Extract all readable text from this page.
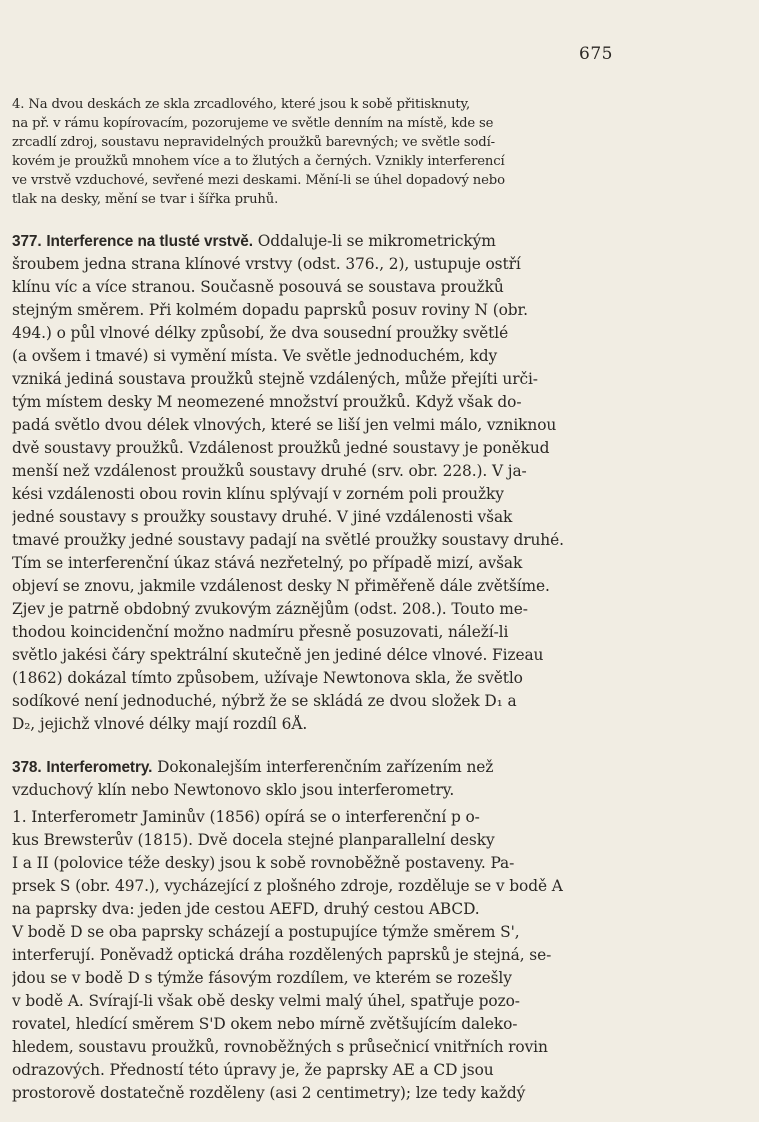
675
4. Na dvou deskách ze skla zrcadlového, které jsou k sobě přitisknuty,
na př. v rámu kopírovacím, pozorujeme ve světle denním na místě, kde se
zrcadlí zdroj, soustavu nepravidelných proužků barevných; ve světle sodí-
kovém je proužků mnohem více a to žlutých a černých. Vznikly interferencí
ve vrstvě vzduchové, sevřené mezi deskami. Mění-li se úhel dopadový nebo
tlak na desky, mění se tvar i šířka pruhů.
377. Interference na tlusté vrstvě. Oddaluje-li se mikrometrickým
šroubem jedna strana klínové vrstvy (odst. 376., 2), ustupuje ostří
klínu víc a více stranou. Současně posouvá se soustava proužků
stejným směrem. Při kolmém dopadu paprsků posuv roviny N (obr.
494.) o půl vlnové délky způsobí, že dva sousední proužky světlé
(a ovšem i tmavé) si vymění místa. Ve světle jednoduchém, kdy
vzniká jediná soustava proužků stejně vzdálených, může přejíti urči-
tým místem desky M neomezené množství proužků. Když však do-
padá světlo dvou délek vlnových, které se liší jen velmi málo, vzniknou
dvě soustavy proužků. Vzdálenost proužků jedné soustavy je poněkud
menší než vzdálenost proužků soustavy druhé (srv. obr. 228.). V ja-
kési vzdálenosti obou rovin klínu splývají v zorném poli proužky
jedné soustavy s proužky soustavy druhé. V jiné vzdálenosti však
tmavé proužky jedné soustavy padají na světlé proužky soustavy druhé.
Tím se interferenční úkaz stává nezřetelný, po případě mizí, avšak
objeví se znovu, jakmile vzdálenost desky N přiměřeně dále zvětšíme.
Zjev je patrně obdobný zvukovým záznějům (odst. 208.). Touto me-
thodou koincidenční možno nadmíru přesně posuzovati, náleží-li
světlo jakési čáry spektrální skutečně jen jediné délce vlnové. Fizeau
(1862) dokázal tímto způsobem, užívaje Newtonova skla, že světlo
sodíkové není jednoduché, nýbrž že se skládá ze dvou složek D₁ a
D₂, jejichž vlnové délky mají rozdíl 6Å.
378. Interferometry. Dokonalejším interferenčním zařízením než
vzduchový klín nebo Newtonovo sklo jsou interferometry.
1. Interferometr Jaminův (1856) opírá se o interferenční p o-
kus Brewsterův (1815). Dvě docela stejné planparallelní desky
I a II (polovice téže desky) jsou k sobě rovnoběžně postaveny. Pa-
prsek S (obr. 497.), vycházející z plošného zdroje, rozděluje se v bodě A
na paprsky dva: jeden jde cestou AEFD, druhý cestou ABCD.
V bodě D se oba paprsky scházejí a postupujíce týmže směrem S',
interferují. Poněvadž optická dráha rozdělených paprsků je stejná, se-
jdou se v bodě D s týmže fásovým rozdílem, ve kterém se rozešly
v bodě A. Svírají-li však obě desky velmi malý úhel, spatřuje pozo-
rovatel, hledící směrem S'D okem nebo mírně zvětšujícím daleko-
hledem, soustavu proužků, rovnoběžných s průsečnicí vnitřních rovin
odrazových. Předností této úpravy je, že paprsky AE a CD jsou
prostorově dostatečně rozděleny (asi 2 centimetry); lze tedy každý
